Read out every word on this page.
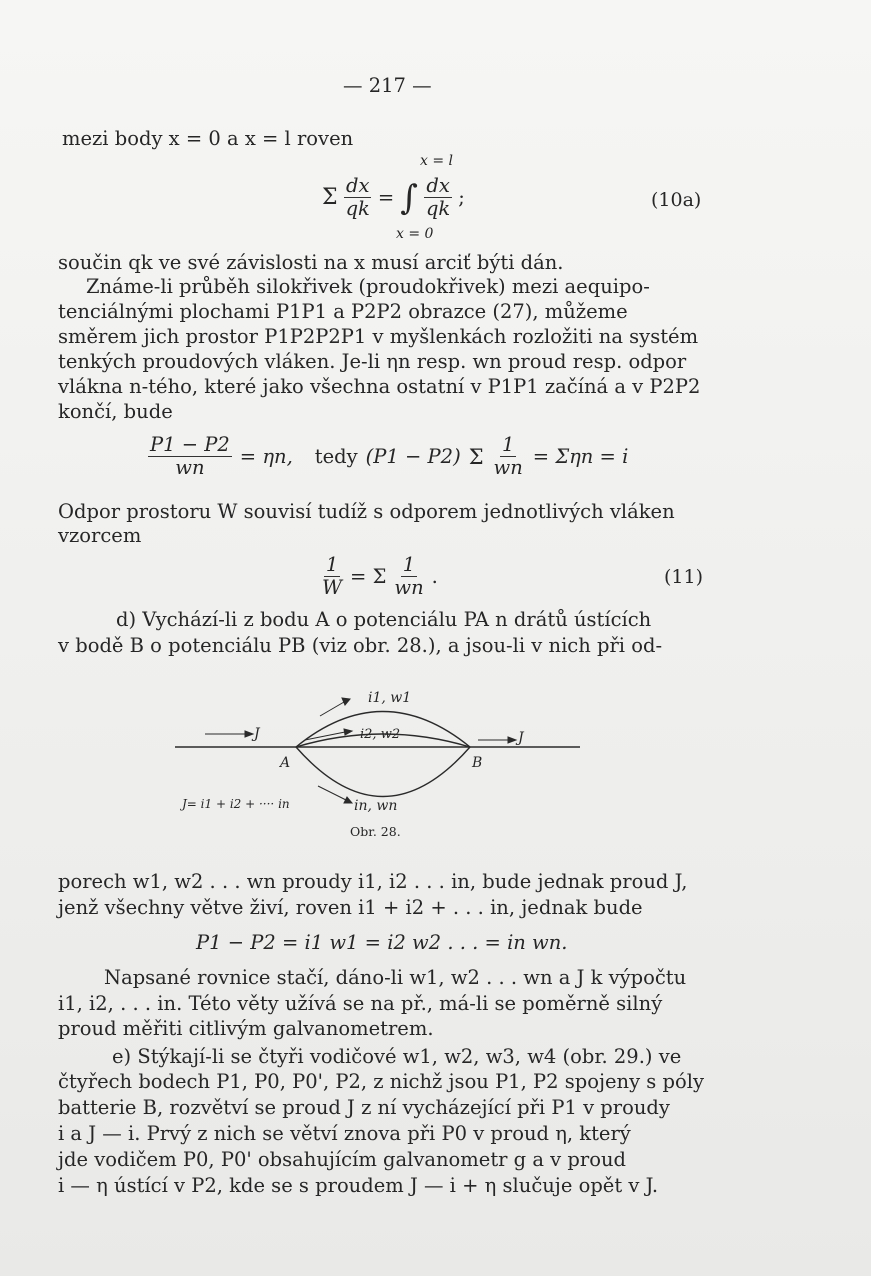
— 217 —
mezi body x = 0 a x = l roven
x = l
Σ $\frac{dx}{qk}$ = ∫ $\frac{dx}{qk}$ ;
x = 0
(10a)
součin qk ve své závislosti na x musí arciť býti dán.
Známe-li průběh silokřivek (proudokřivek) mezi aequipo-
tenciálnými plochami P1P1 a P2P2 obrazce (27), můžeme
směrem jich prostor P1P2P2P1 v myšlenkách rozložiti na systém
tenkých proudových vláken. Je-li ηn resp. wn proud resp. odpor
vlákna n-tého, které jako všechna ostatní v P1P1 začíná a v P2P2
končí, bude
$\frac{P1 - P2}{wn} = \eta n$, tedy (P1 − P2) Σ $\frac{1}{wn} = \Sigma\eta n = i$
Odpor prostoru W souvisí tudíž s odporem jednotlivých vláken
vzorcem
$\frac{1}{W} = \Sigma \frac{1}{wn}$ .	(11)
d) Vychází-li z bodu A o potenciálu PA n drátů ústících
v bodě B o potenciálu PB (viz obr. 28.), a jsou-li v nich při od-
i1, w1
i2, w2
in, wn
J	J
A	B
J= i1 + i2 + ···· in
Obr. 28.
porech w1, w2 . . . wn proudy i1, i2 . . . in, bude jednak proud J,
jenž všechny větve živí, roven i1 + i2 + . . . in, jednak bude
P1 − P2 = i1 w1 = i2 w2 . . . = in wn.
Napsané rovnice stačí, dáno-li w1, w2 . . . wn a J k výpočtu
i1, i2, . . . in. Této věty užívá se na př., má-li se poměrně silný
proud měřiti citlivým galvanometrem.
e) Stýkají-li se čtyři vodičové w1, w2, w3, w4 (obr. 29.) ve
čtyřech bodech P1, P0, P0', P2, z nichž jsou P1, P2 spojeny s póly
batterie B, rozvětví se proud J z ní vycházející při P1 v proudy
i a J — i. Prvý z nich se větví znova při P0 v proud η, který
jde vodičem P0, P0' obsahujícím galvanometr g a v proud
i — η ústící v P2, kde se s proudem J — i + η slučuje opět v J.
